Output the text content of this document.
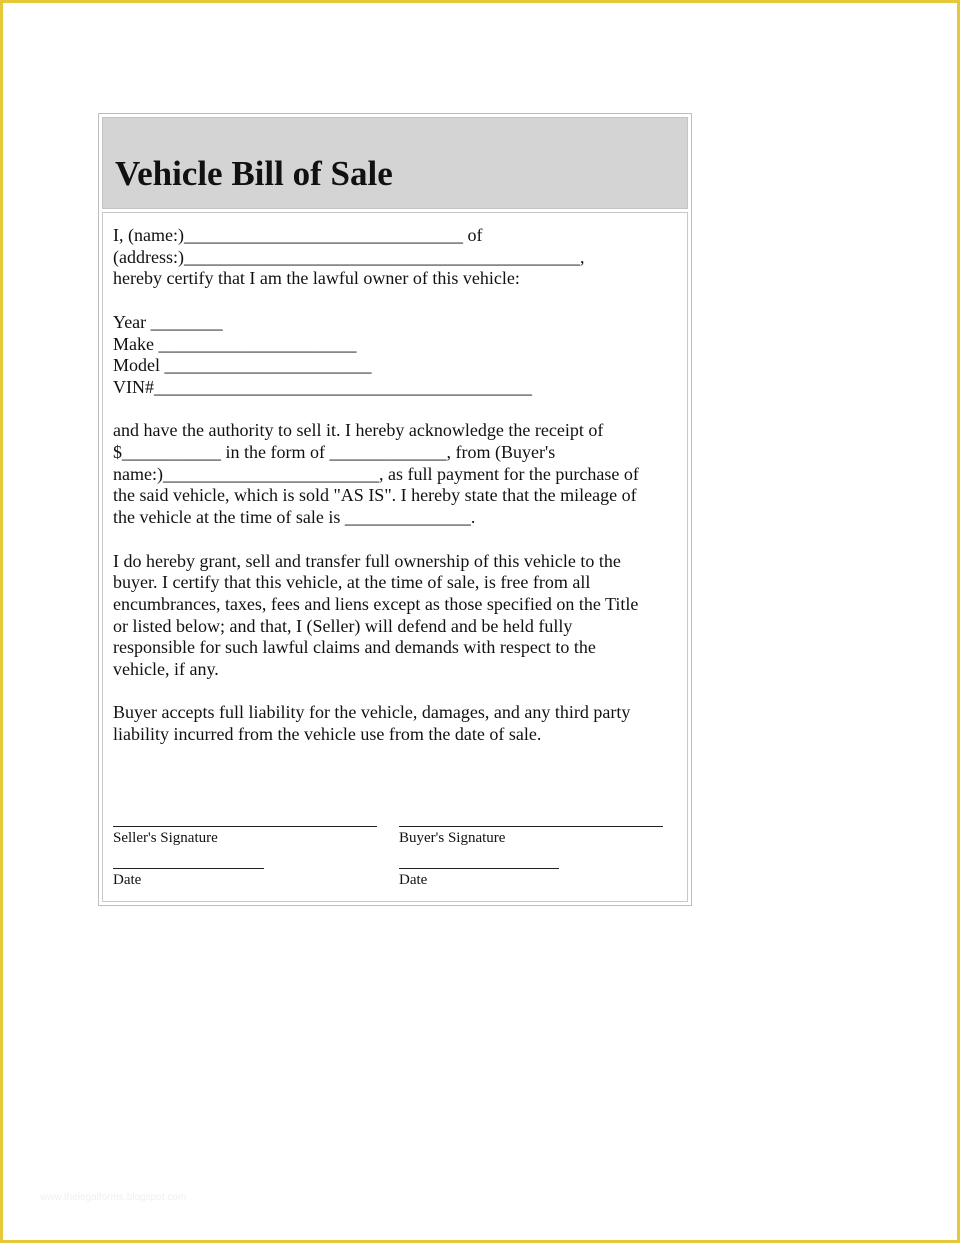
Vehicle Bill of Sale
I, (name:)_______________________________ of
(address:)____________________________________________,
hereby certify that I am the lawful owner of this vehicle:
Year ________
Make ______________________
Model _______________________
VIN#__________________________________________
and have the authority to sell it. I hereby acknowledge the receipt of
$___________ in the form of _____________, from (Buyer's
name:)________________________, as full payment for the purchase of
the said vehicle, which is sold "AS IS". I hereby state that the mileage of
the vehicle at the time of sale is ______________.
I do hereby grant, sell and transfer full ownership of this vehicle to the
buyer. I certify that this vehicle, at the time of sale, is free from all
encumbrances, taxes, fees and liens except as those specified on the Title
or listed below; and that, I (Seller) will defend and be held fully
responsible for such lawful claims and demands with respect to the
vehicle, if any.
Buyer accepts full liability for the vehicle, damages, and any third party
liability incurred from the vehicle use from the date of sale.
Seller's Signature	Buyer's Signature
Date	Date
www.thelegalforms.blogspot.com
